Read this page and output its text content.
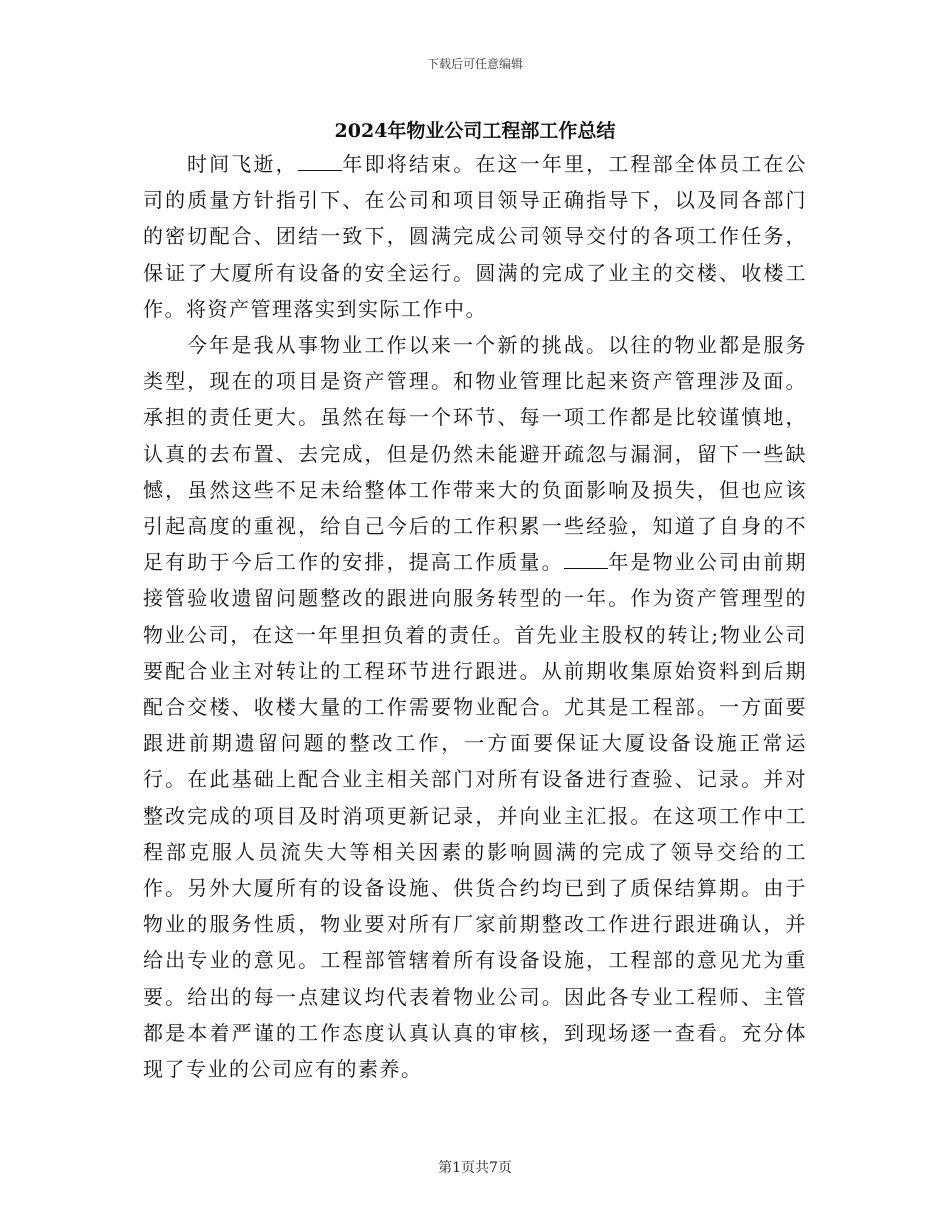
下载后可任意编辑
2024年物业公司工程部工作总结

时间飞逝， 年即将结束。在这一年里，工程部全体员工在公司的质量方针指引下、在公司和项目领导正确指导下，以及同各部门的密切配合、团结一致下，圆满完成公司领导交付的各项工作任务，保证了大厦所有设备的安全运行。圆满的完成了业主的交楼、收楼工作。将资产管理落实到实际工作中。

今年是我从事物业工作以来一个新的挑战。以往的物业都是服务类型，现在的项目是资产管理。和物业管理比起来资产管理涉及面。承担的责任更大。虽然在每一个环节、每一项工作都是比较谨慎地，认真的去布置、去完成，但是仍然未能避开疏忽与漏洞，留下一些缺憾，虽然这些不足未给整体工作带来大的负面影响及损失，但也应该引起高度的重视，给自己今后的工作积累一些经验，知道了自身的不足有助于今后工作的安排，提高工作质量。 年是物业公司由前期接管验收遗留问题整改的跟进向服务转型的一年。作为资产管理型的物业公司，在这一年里担负着的责任。首先业主股权的转让;物业公司要配合业主对转让的工程环节进行跟进。从前期收集原始资料到后期配合交楼、收楼大量的工作需要物业配合。尤其是工程部。一方面要跟进前期遗留问题的整改工作，一方面要保证大厦设备设施正常运行。在此基础上配合业主相关部门对所有设备进行查验、记录。并对整改完成的项目及时消项更新记录，并向业主汇报。在这项工作中工程部克服人员流失大等相关因素的影响圆满的完成了领导交给的工作。另外大厦所有的设备设施、供货合约均已到了质保结算期。由于物业的服务性质，物业要对所有厂家前期整改工作进行跟进确认，并给出专业的意见。工程部管辖着所有设备设施，工程部的意见尤为重要。给出的每一点建议均代表着物业公司。因此各专业工程师、主管都是本着严谨的工作态度认真认真的审核，到现场逐一查看。充分体现了专业的公司应有的素养。

第1页共7页
